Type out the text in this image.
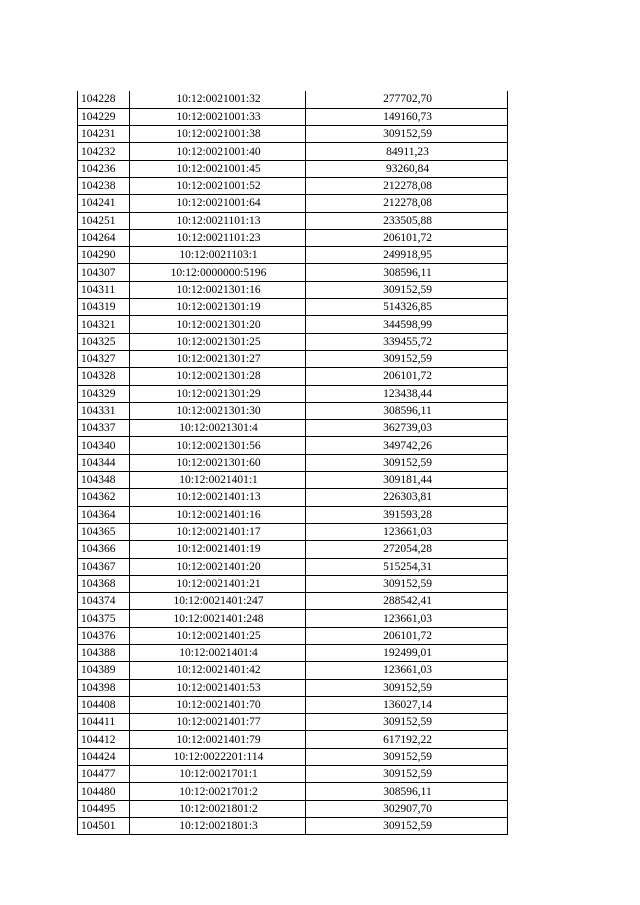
104228	10:12:0021001:32	277702,70
104229	10:12:0021001:33	149160,73
104231	10:12:0021001:38	309152,59
104232	10:12:0021001:40	84911,23
104236	10:12:0021001:45	93260,84
104238	10:12:0021001:52	212278,08
104241	10:12:0021001:64	212278,08
104251	10:12:0021101:13	233505,88
104264	10:12:0021101:23	206101,72
104290	10:12:0021103:1	249918,95
104307	10:12:0000000:5196	308596,11
104311	10:12:0021301:16	309152,59
104319	10:12:0021301:19	514326,85
104321	10:12:0021301:20	344598,99
104325	10:12:0021301:25	339455,72
104327	10:12:0021301:27	309152,59
104328	10:12:0021301:28	206101,72
104329	10:12:0021301:29	123438,44
104331	10:12:0021301:30	308596,11
104337	10:12:0021301:4	362739,03
104340	10:12:0021301:56	349742,26
104344	10:12:0021301:60	309152,59
104348	10:12:0021401:1	309181,44
104362	10:12:0021401:13	226303,81
104364	10:12:0021401:16	391593,28
104365	10:12:0021401:17	123661,03
104366	10:12:0021401:19	272054,28
104367	10:12:0021401:20	515254,31
104368	10:12:0021401:21	309152,59
104374	10:12:0021401:247	288542,41
104375	10:12:0021401:248	123661,03
104376	10:12:0021401:25	206101,72
104388	10:12:0021401:4	192499,01
104389	10:12:0021401:42	123661,03
104398	10:12:0021401:53	309152,59
104408	10:12:0021401:70	136027,14
104411	10:12:0021401:77	309152,59
104412	10:12:0021401:79	617192,22
104424	10:12:0022201:114	309152,59
104477	10:12:0021701:1	309152,59
104480	10:12:0021701:2	308596,11
104495	10:12:0021801:2	302907,70
104501	10:12:0021801:3	309152,59
